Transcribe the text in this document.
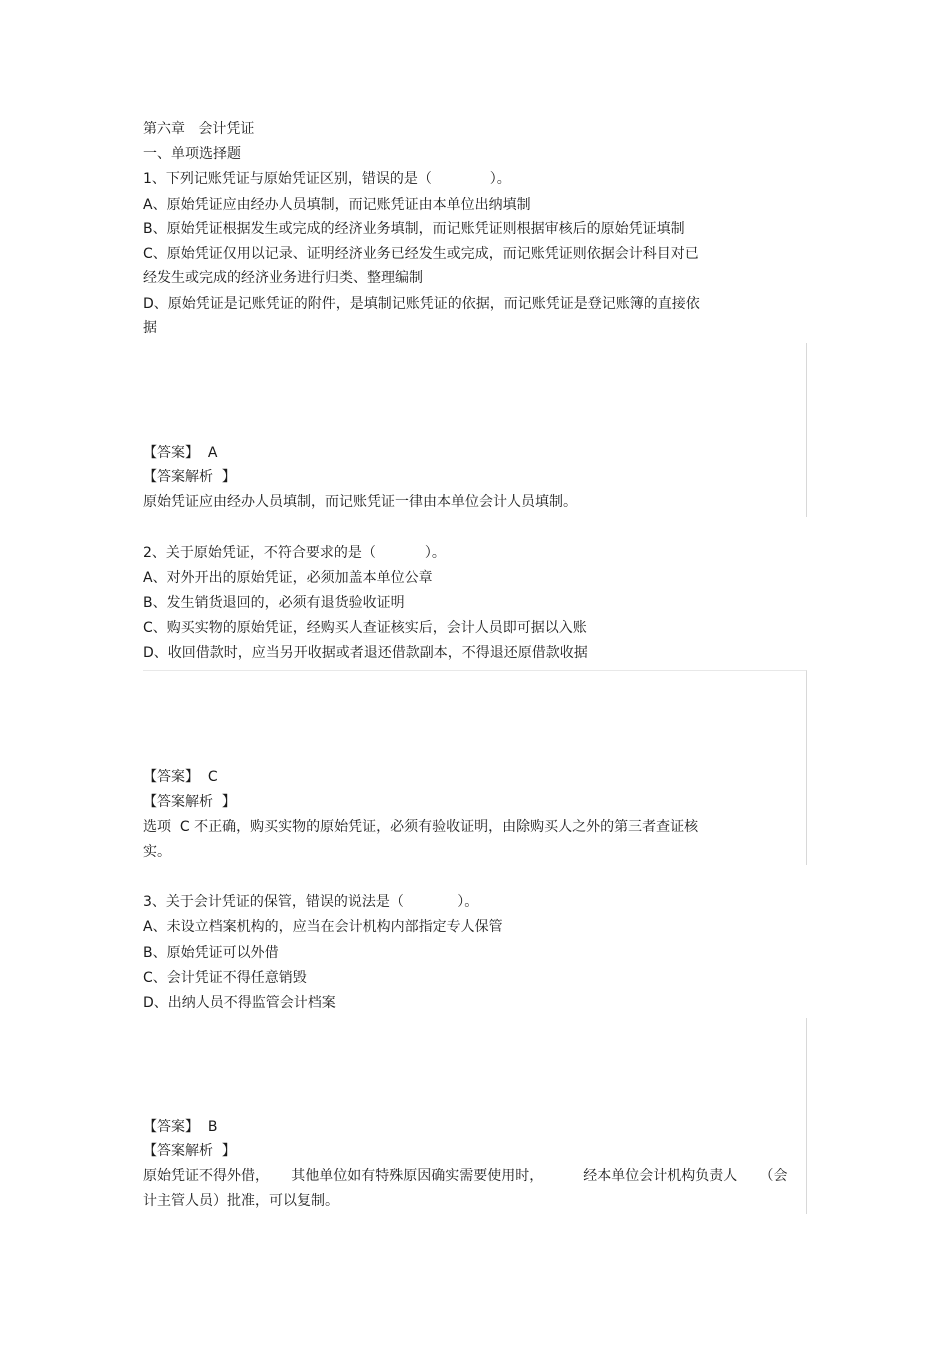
第六章   会计凭证
一、单项选择题
1、下列记账凭证与原始凭证区别，错误的是（             ）。
A、原始凭证应由经办人员填制，而记账凭证由本单位出纳填制
B、原始凭证根据发生或完成的经济业务填制，而记账凭证则根据审核后的原始凭证填制
C、原始凭证仅用以记录、证明经济业务已经发生或完成，而记账凭证则依据会计科目对已
经发生或完成的经济业务进行归类、整理编制
D、原始凭证是记账凭证的附件，是填制记账凭证的依据，而记账凭证是登记账簿的直接依
据
【答案】  A
【答案解析  】
原始凭证应由经办人员填制，而记账凭证一律由本单位会计人员填制。
2、关于原始凭证，不符合要求的是（           ）。
A、对外开出的原始凭证，必须加盖本单位公章
B、发生销货退回的，必须有退货验收证明
C、购买实物的原始凭证，经购买人查证核实后，会计人员即可据以入账
D、收回借款时，应当另开收据或者退还借款副本，不得退还原借款收据
【答案】  C
【答案解析  】
选项  C 不正确，购买实物的原始凭证，必须有验收证明，由除购买人之外的第三者查证核
实。
3、关于会计凭证的保管，错误的说法是（            ）。
A、未设立档案机构的，应当在会计机构内部指定专人保管
B、原始凭证可以外借
C、会计凭证不得任意销毁
D、出纳人员不得监管会计档案
【答案】  B
【答案解析  】
原始凭证不得外借，     其他单位如有特殊原因确实需要使用时，         经本单位会计机构负责人     （会
计主管人员）批准，可以复制。
